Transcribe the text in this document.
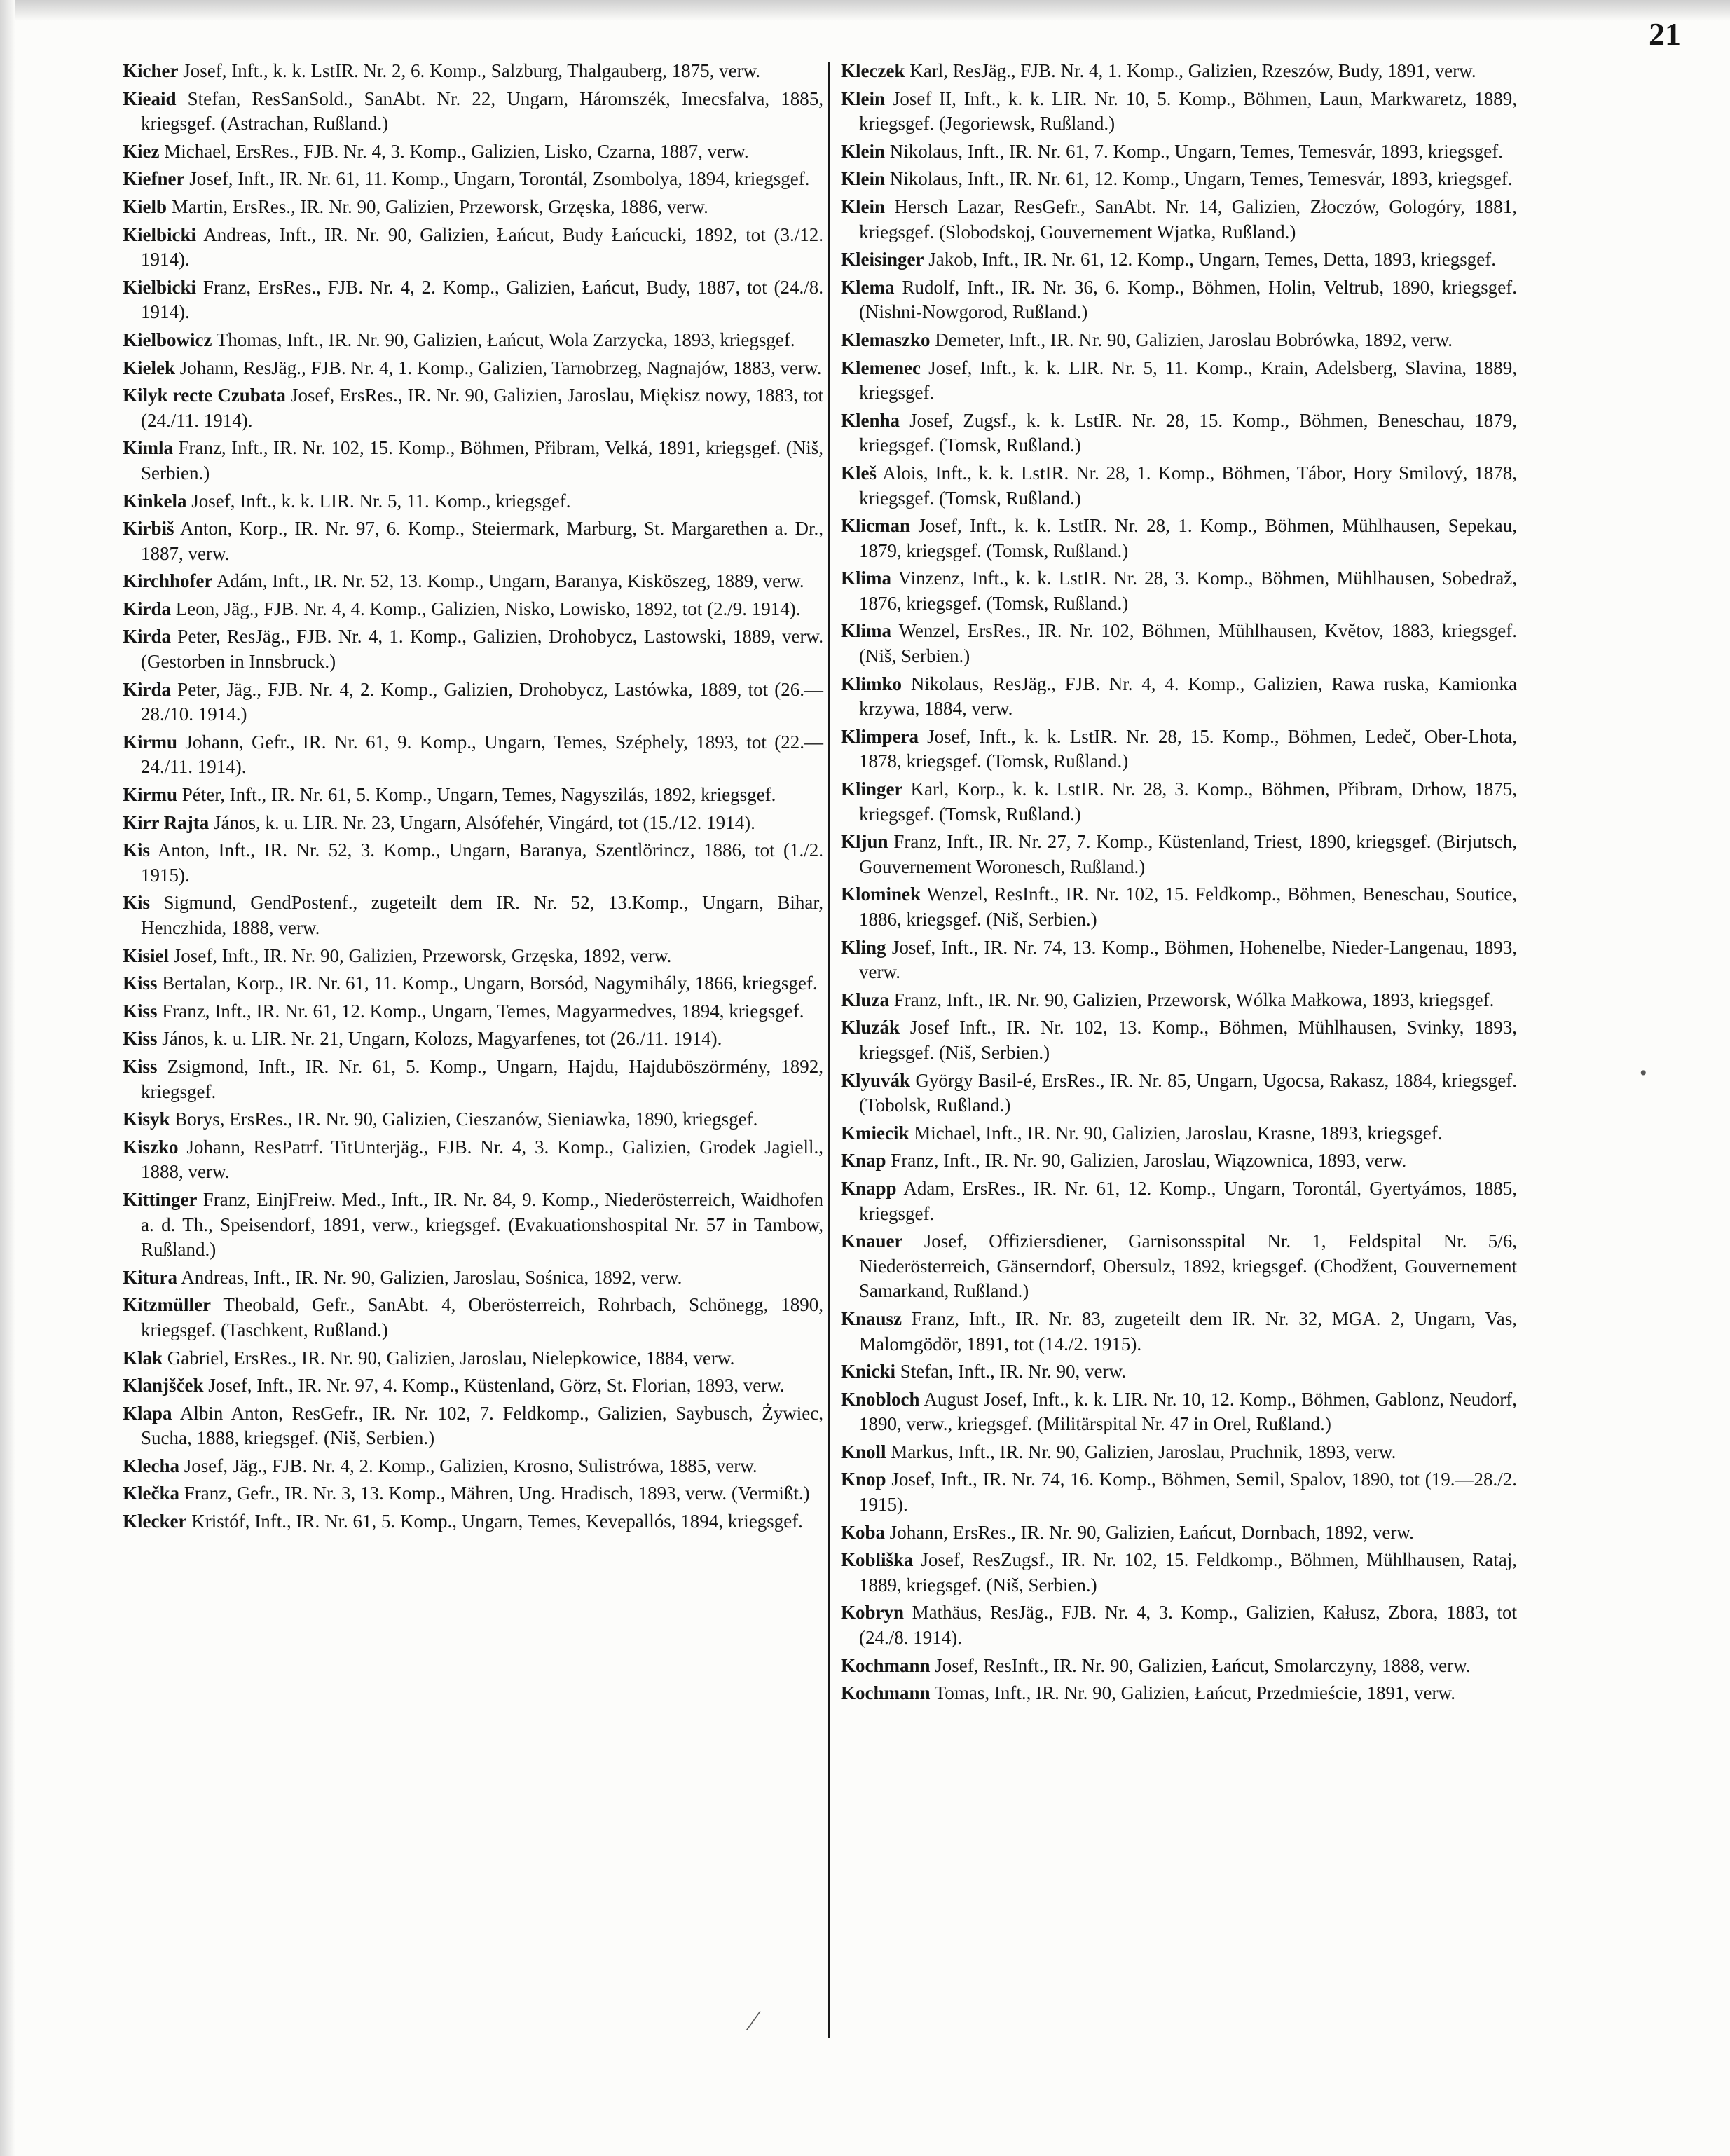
21

Kicher Josef, Inft., k. k. LstIR. Nr. 2, 6. Komp., Salzburg, Thalgauberg, 1875, verw.

Kieaid Stefan, ResSanSold., SanAbt. Nr. 22, Ungarn, Háromszék, Imecsfalva, 1885, kriegsgef. (Astrachan, Rußland.)

Kiez Michael, ErsRes., FJB. Nr. 4, 3. Komp., Galizien, Lisko, Czarna, 1887, verw.

Kiefner Josef, Inft., IR. Nr. 61, 11. Komp., Ungarn, Torontál, Zsombolya, 1894, kriegsgef.

Kielb Martin, ErsRes., IR. Nr. 90, Galizien, Przeworsk, Grzęska, 1886, verw.

Kielbicki Andreas, Inft., IR. Nr. 90, Galizien, Łańcut, Budy Łańcucki, 1892, tot (3./12. 1914).

Kielbicki Franz, ErsRes., FJB. Nr. 4, 2. Komp., Galizien, Łańcut, Budy, 1887, tot (24./8. 1914).

Kielbowicz Thomas, Inft., IR. Nr. 90, Galizien, Łańcut, Wola Zarzycka, 1893, kriegsgef.

Kielek Johann, ResJäg., FJB. Nr. 4, 1. Komp., Galizien, Tarnobrzeg, Nagnajów, 1883, verw.

Kilyk recte Czubata Josef, ErsRes., IR. Nr. 90, Galizien, Jaroslau, Miękisz nowy, 1883, tot (24./11. 1914).

Kimla Franz, Inft., IR. Nr. 102, 15. Komp., Böhmen, Přibram, Velká, 1891, kriegsgef. (Niš, Serbien.)

Kinkela Josef, Inft., k. k. LIR. Nr. 5, 11. Komp., kriegsgef.

Kirbiš Anton, Korp., IR. Nr. 97, 6. Komp., Steiermark, Marburg, St. Margarethen a. Dr., 1887, verw.

Kirchhofer Adám, Inft., IR. Nr. 52, 13. Komp., Ungarn, Baranya, Kisköszeg, 1889, verw.

Kirda Leon, Jäg., FJB. Nr. 4, 4. Komp., Galizien, Nisko, Lowisko, 1892, tot (2./9. 1914).

Kirda Peter, ResJäg., FJB. Nr. 4, 1. Komp., Galizien, Drohobycz, Lastowski, 1889, verw. (Gestorben in Innsbruck.)

Kirda Peter, Jäg., FJB. Nr. 4, 2. Komp., Galizien, Drohobycz, Lastówka, 1889, tot (26.—28./10. 1914.)

Kirmu Johann, Gefr., IR. Nr. 61, 9. Komp., Ungarn, Temes, Széphely, 1893, tot (22.—24./11. 1914).

Kirmu Péter, Inft., IR. Nr. 61, 5. Komp., Ungarn, Temes, Nagyszilás, 1892, kriegsgef.

Kirr Rajta János, k. u. LIR. Nr. 23, Ungarn, Alsófehér, Vingárd, tot (15./12. 1914).

Kis Anton, Inft., IR. Nr. 52, 3. Komp., Ungarn, Baranya, Szentlörincz, 1886, tot (1./2. 1915).

Kis Sigmund, GendPostenf., zugeteilt dem IR. Nr. 52, 13.Komp., Ungarn, Bihar, Henczhida, 1888, verw.

Kisiel Josef, Inft., IR. Nr. 90, Galizien, Przeworsk, Grzęska, 1892, verw.

Kiss Bertalan, Korp., IR. Nr. 61, 11. Komp., Ungarn, Borsód, Nagymihály, 1866, kriegsgef.

Kiss Franz, Inft., IR. Nr. 61, 12. Komp., Ungarn, Temes, Magyarmedves, 1894, kriegsgef.

Kiss János, k. u. LIR. Nr. 21, Ungarn, Kolozs, Magyarfenes, tot (26./11. 1914).

Kiss Zsigmond, Inft., IR. Nr. 61, 5. Komp., Ungarn, Hajdu, Hajduböszörmény, 1892, kriegsgef.

Kisyk Borys, ErsRes., IR. Nr. 90, Galizien, Cieszanów, Sieniawka, 1890, kriegsgef.

Kiszko Johann, ResPatrf. TitUnterjäg., FJB. Nr. 4, 3. Komp., Galizien, Grodek Jagiell., 1888, verw.

Kittinger Franz, EinjFreiw. Med., Inft., IR. Nr. 84, 9. Komp., Niederösterreich, Waidhofen a. d. Th., Speisendorf, 1891, verw., kriegsgef. (Evakuationshospital Nr. 57 in Tambow, Rußland.)

Kitura Andreas, Inft., IR. Nr. 90, Galizien, Jaroslau, Sośnica, 1892, verw.

Kitzmüller Theobald, Gefr., SanAbt. 4, Oberösterreich, Rohrbach, Schönegg, 1890, kriegsgef. (Taschkent, Rußland.)

Klak Gabriel, ErsRes., IR. Nr. 90, Galizien, Jaroslau, Nielepkowice, 1884, verw.

Klanjšček Josef, Inft., IR. Nr. 97, 4. Komp., Küstenland, Görz, St. Florian, 1893, verw.

Klapa Albin Anton, ResGefr., IR. Nr. 102, 7. Feldkomp., Galizien, Saybusch, Żywiec, Sucha, 1888, kriegsgef. (Niš, Serbien.)

Klecha Josef, Jäg., FJB. Nr. 4, 2. Komp., Galizien, Krosno, Sulistrówa, 1885, verw.

Klečka Franz, Gefr., IR. Nr. 3, 13. Komp., Mähren, Ung. Hradisch, 1893, verw. (Vermißt.)

Klecker Kristóf, Inft., IR. Nr. 61, 5. Komp., Ungarn, Temes, Kevepallós, 1894, kriegsgef.

Kleczek Karl, ResJäg., FJB. Nr. 4, 1. Komp., Galizien, Rzeszów, Budy, 1891, verw.

Klein Josef II, Inft., k. k. LIR. Nr. 10, 5. Komp., Böhmen, Laun, Markwaretz, 1889, kriegsgef. (Jegoriewsk, Rußland.)

Klein Nikolaus, Inft., IR. Nr. 61, 7. Komp., Ungarn, Temes, Temesvár, 1893, kriegsgef.

Klein Nikolaus, Inft., IR. Nr. 61, 12. Komp., Ungarn, Temes, Temesvár, 1893, kriegsgef.

Klein Hersch Lazar, ResGefr., SanAbt. Nr. 14, Galizien, Złoczów, Gologóry, 1881, kriegsgef. (Slobodskoj, Gouvernement Wjatka, Rußland.)

Kleisinger Jakob, Inft., IR. Nr. 61, 12. Komp., Ungarn, Temes, Detta, 1893, kriegsgef.

Klema Rudolf, Inft., IR. Nr. 36, 6. Komp., Böhmen, Holin, Veltrub, 1890, kriegsgef. (Nishni-Nowgorod, Rußland.)

Klemaszko Demeter, Inft., IR. Nr. 90, Galizien, Jaroslau Bobrówka, 1892, verw.

Klemenec Josef, Inft., k. k. LIR. Nr. 5, 11. Komp., Krain, Adelsberg, Slavina, 1889, kriegsgef.

Klenha Josef, Zugsf., k. k. LstIR. Nr. 28, 15. Komp., Böhmen, Beneschau, 1879, kriegsgef. (Tomsk, Rußland.)

Kleš Alois, Inft., k. k. LstIR. Nr. 28, 1. Komp., Böhmen, Tábor, Hory Smilový, 1878, kriegsgef. (Tomsk, Rußland.)

Klicman Josef, Inft., k. k. LstIR. Nr. 28, 1. Komp., Böhmen, Mühlhausen, Sepekau, 1879, kriegsgef. (Tomsk, Rußland.)

Klima Vinzenz, Inft., k. k. LstIR. Nr. 28, 3. Komp., Böhmen, Mühlhausen, Sobedraž, 1876, kriegsgef. (Tomsk, Rußland.)

Klima Wenzel, ErsRes., IR. Nr. 102, Böhmen, Mühlhausen, Květov, 1883, kriegsgef. (Niš, Serbien.)

Klimko Nikolaus, ResJäg., FJB. Nr. 4, 4. Komp., Galizien, Rawa ruska, Kamionka krzywa, 1884, verw.

Klimpera Josef, Inft., k. k. LstIR. Nr. 28, 15. Komp., Böhmen, Ledeč, Ober-Lhota, 1878, kriegsgef. (Tomsk, Rußland.)

Klinger Karl, Korp., k. k. LstIR. Nr. 28, 3. Komp., Böhmen, Přibram, Drhow, 1875, kriegsgef. (Tomsk, Rußland.)

Kljun Franz, Inft., IR. Nr. 27, 7. Komp., Küstenland, Triest, 1890, kriegsgef. (Birjutsch, Gouvernement Woronesch, Rußland.)

Klominek Wenzel, ResInft., IR. Nr. 102, 15. Feldkomp., Böhmen, Beneschau, Soutice, 1886, kriegsgef. (Niš, Serbien.)

Kling Josef, Inft., IR. Nr. 74, 13. Komp., Böhmen, Hohenelbe, Nieder-Langenau, 1893, verw.

Kluza Franz, Inft., IR. Nr. 90, Galizien, Przeworsk, Wólka Małkowa, 1893, kriegsgef.

Kluzák Josef Inft., IR. Nr. 102, 13. Komp., Böhmen, Mühlhausen, Svinky, 1893, kriegsgef. (Niš, Serbien.)

Klyuvák György Basil-é, ErsRes., IR. Nr. 85, Ungarn, Ugocsa, Rakasz, 1884, kriegsgef. (Tobolsk, Rußland.)

Kmiecik Michael, Inft., IR. Nr. 90, Galizien, Jaroslau, Krasne, 1893, kriegsgef.

Knap Franz, Inft., IR. Nr. 90, Galizien, Jaroslau, Wiązownica, 1893, verw.

Knapp Adam, ErsRes., IR. Nr. 61, 12. Komp., Ungarn, Torontál, Gyertyámos, 1885, kriegsgef.

Knauer Josef, Offiziersdiener, Garnisonsspital Nr. 1, Feldspital Nr. 5/6, Niederösterreich, Gänserndorf, Obersulz, 1892, kriegsgef. (Chodžent, Gouvernement Samarkand, Rußland.)

Knausz Franz, Inft., IR. Nr. 83, zugeteilt dem IR. Nr. 32, MGA. 2, Ungarn, Vas, Malomgödör, 1891, tot (14./2. 1915).

Knicki Stefan, Inft., IR. Nr. 90, verw.

Knobloch August Josef, Inft., k. k. LIR. Nr. 10, 12. Komp., Böhmen, Gablonz, Neudorf, 1890, verw., kriegsgef. (Militärspital Nr. 47 in Orel, Rußland.)

Knoll Markus, Inft., IR. Nr. 90, Galizien, Jaroslau, Pruchnik, 1893, verw.

Knop Josef, Inft., IR. Nr. 74, 16. Komp., Böhmen, Semil, Spalov, 1890, tot (19.—28./2. 1915).

Koba Johann, ErsRes., IR. Nr. 90, Galizien, Łańcut, Dornbach, 1892, verw.

Kobliška Josef, ResZugsf., IR. Nr. 102, 15. Feldkomp., Böhmen, Mühlhausen, Rataj, 1889, kriegsgef. (Niš, Serbien.)

Kobryn Mathäus, ResJäg., FJB. Nr. 4, 3. Komp., Galizien, Kałusz, Zbora, 1883, tot (24./8. 1914).

Kochmann Josef, ResInft., IR. Nr. 90, Galizien, Łańcut, Smolarczyny, 1888, verw.

Kochmann Tomas, Inft., IR. Nr. 90, Galizien, Łańcut, Przedmieście, 1891, verw.

•
∕
